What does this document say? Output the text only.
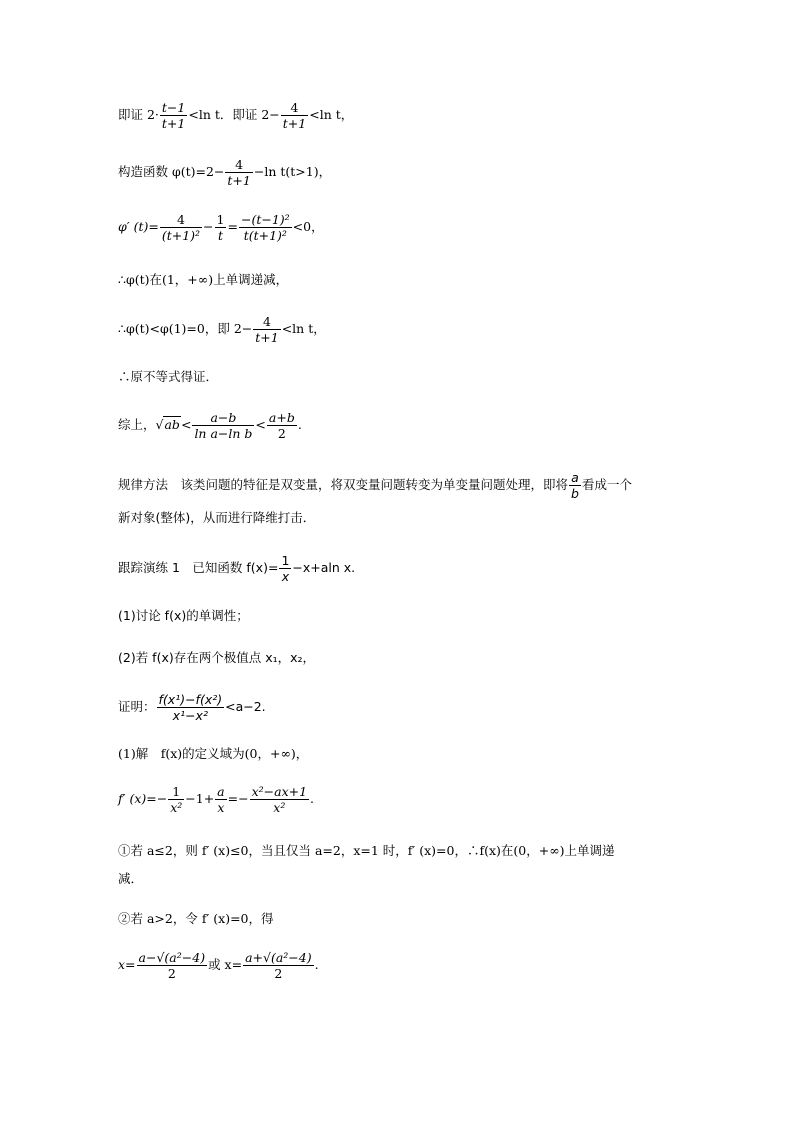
即证 $2\cdot \frac{t-1}{t+1} <\ln$ t．即证 $2- \frac{4}{t+1} <\ln$ t，
构造函数 $\varphi(t)=2- \frac{4}{t+1} -\ln$ t(t>1)，
φ′ $(t)= \frac{4}{\text{(t+1)²}} - \frac{1}{t} = \frac{\text{−(t−1)²}}{\text{t(t+1)²}} <0$，
∴φ(t)在(1，+∞)上单调递减，
∴φ(t)<φ(1)=0，即 $2- \frac{4}{t+1} <\ln$ t，
∴原不等式得证．
综上，$√ab< \frac{a-b}{\text{ln a−ln b}} < \frac{a+b}{2}$ .
规律方法　该类问题的特征是双变量，将双变量问题转变为单变量问题处理，即将 $\frac{a}{b}$ 看成一个
新对象(整体)，从而进行降维打击．
跟踪演练 1　已知函数 $f(x)= \frac{1}{x} -x+aln$ x.
(1)讨论 f(x)的单调性；
(2)若 f(x)存在两个极值点 x₁，x₂，
证明： $\frac{\text{f(x¹)−f(x²)}}{\text{x¹−x²}} <a-2$.
(1)解　f(x)的定义域为(0，+∞)，
f′ $(x)=- \frac{1}{\text{x²}} -1+ \frac{a}{x} =- \frac{\text{x²−ax+1}}{\text{x²}}$ .
①若 a≤2，则 f′ (x)≤0，当且仅当 a=2，x=1 时，f′ (x)=0，∴f(x)在(0，+∞)上单调递
减．
②若 a>2，令 f′ (x)=0，得
$x= \frac{\text{a−√(a²−4)}}{2}$ 或 $x= \frac{\text{a+√(a²−4)}}{2}$ .
